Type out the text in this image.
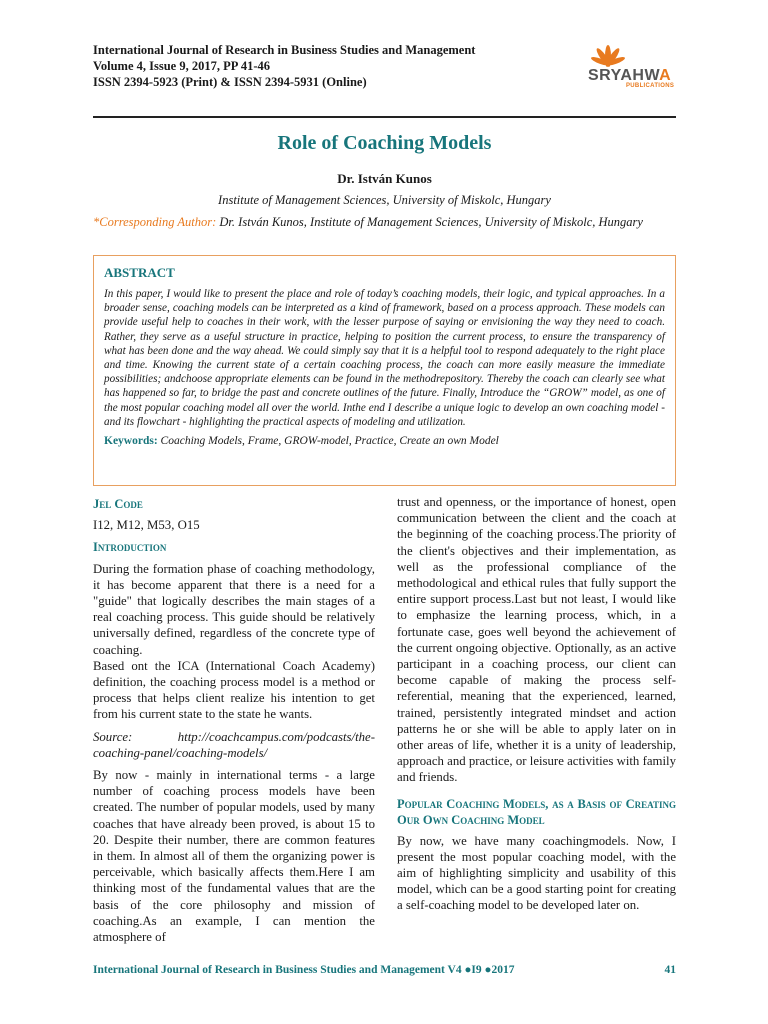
International Journal of Research in Business Studies and Management
Volume 4, Issue 9, 2017, PP 41-46
ISSN 2394-5923 (Print) & ISSN 2394-5931 (Online)	SRYAHWA
PUBLICATIONS
Role of Coaching Models
Dr. István Kunos
Institute of Management Sciences, University of Miskolc, Hungary
*Corresponding Author: Dr. István Kunos, Institute of Management Sciences, University of Miskolc, Hungary
ABSTRACT
In this paper, I would like to present the place and role of today’s coaching models, their logic, and typical approaches. In a broader sense, coaching models can be interpreted as a kind of framework, based on a process approach. These models can provide useful help to coaches in their work, with the lesser purpose of saying or envisioning the way they need to coach. Rather, they serve as a useful structure in practice, helping to position the current process, to ensure the transparency of what has been done and the way ahead. We could simply say that it is a helpful tool to respond adequately to the right place and time. Knowing the current state of a certain coaching process, the coach can more easily measure the immediate possibilities; andchoose appropriate elements can be found in the methodrepository. Thereby the coach can clearly see what has happened so far, to bridge the past and concrete outlines of the future. Finally, Introduce the “GROW” model, as one of the most popular coaching model all over the world. Inthe end I describe a unique logic to develop an own coaching model - and its flowchart - highlighting the practical aspects of modeling and utilization.
Keywords: Coaching Models, Frame, GROW-model, Practice, Create an own Model
Jel Code

I12, M12, M53, O15

Introduction

During the formation phase of coaching methodology, it has become apparent that there is a need for a "guide" that logically describes the main stages of a real coaching process. This guide should be relatively universally defined, regardless of the concrete type of coaching.

Based ont the ICA (International Coach Academy) definition, the coaching process model is a method or process that helps client realize his intention to get from his current state to the state he wants.

Source: http://coachcampus.com/podcasts/the-coaching-panel/coaching-models/

By now - mainly in international terms - a large number of coaching process models have been created. The number of popular models, used by many coaches that have already been proved, is about 15 to 20. Despite their number, there are common features in them. In almost all of them the organizing power is perceivable, which basically affects them.Here I am thinking most of the fundamental values that are the basis of the core philosophy and mission of coaching.As an example, I can mention the atmosphere of

trust and openness, or the importance of honest, open communication between the client and the coach at the beginning of the coaching process.The priority of the client's objectives and their implementation, as well as the professional compliance of the methodological and ethical rules that fully support the entire support process.Last but not least, I would like to emphasize the learning process, which, in a fortunate case, goes well beyond the achievement of the current ongoing objective. Optionally, as an active participant in a coaching process, our client can become capable of making the process self-referential, meaning that the experienced, learned, trained, persistently integrated mindset and action patterns he or she will be able to apply later on in other areas of life, whether it is a unity of leadership, approach and practice, or leisure activities with family and friends.

Popular Coaching Models, as a Basis of Creating Our Own Coaching Model

By now, we have many coachingmodels. Now, I present the most popular coaching model, with the aim of highlighting simplicity and usability of this model, which can be a good starting point for creating a self-coaching model to be developed later on.

International Journal of Research in Business Studies and Management V4 ●I9 ●2017	41
